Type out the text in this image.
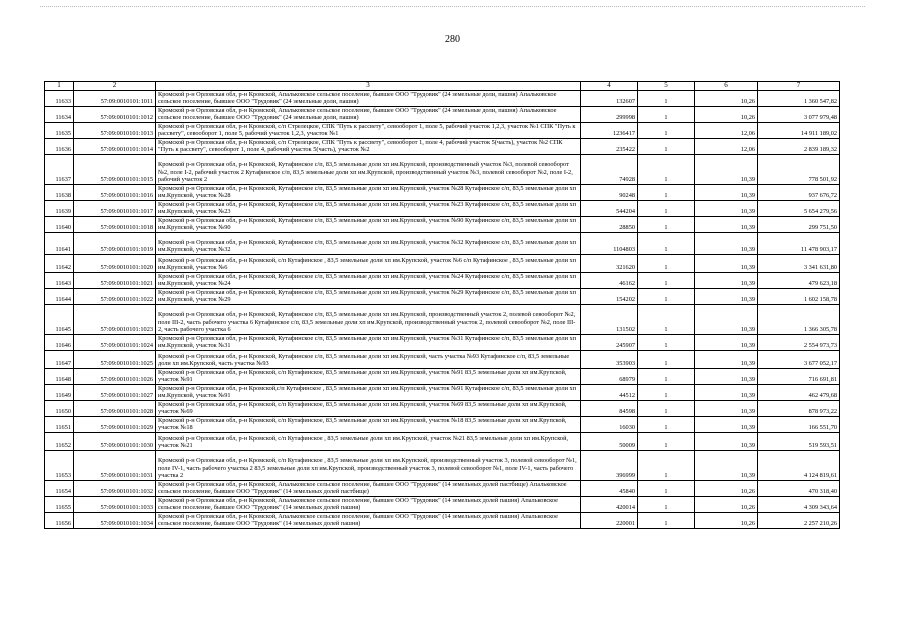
280
1	2	3	4	5	6	7
11633	57:09:0010101:1011	Кромской р-н Орловская обл, р-н Кромской, Апальковское сельское поселение, бывшее ООО "Трудовик" (24 земельные доли, пашня) Апальковское сельское поселение, бывшее ООО "Трудовик" (24 земельные доли, пашня)	132607	1	10,26	1 360 547,82
11634	57:09:0010101:1012	Кромской р-н Орловская обл, р-н Кромской, Апальковское сельское поселение, бывшее ООО "Трудовик" (24 земельные доли, пашня) Апальковское сельское поселение, бывшее ООО "Трудовик" (24 земельные доли, пашня)	299998	1	10,26	3 077 979,48
11635	57:09:0010101:1013	Кромской р-н Орловская обл, р-н Кромской, с/п Стрелецкое, СПК "Путь к рассвету", севооборот 1, поле 5, рабочий участок 1,2,3, участок №1 СПК "Путь к рассвету", севооборот 1, поле 5, рабочий участок 1,2,3, участок №1	1236417	1	12,06	14 911 189,02
11636	57:09:0010101:1014	Кромской р-н Орловская обл, р-н Кромской, с/п Стрелецкое, СПК "Путь к рассвету", севооборот 1, поле 4, рабочий участок 5(часть), участок №2 СПК "Путь к рассвету", севооборот 1, поле 4, рабочий участок 5(часть), участок №2	235422	1	12,06	2 839 189,32
11637	57:09:0010101:1015	Кромской р-н Орловская обл, р-н Кромской, Кутафинское с/п, 83,5 земельные доли хп им.Крупской, производственный участок №3, полевой севооборот №2, поле I-2, рабочий участок 2 Кутафинское с/п, 83,5 земельные доли хп им.Крупской, производственный участок №3, полевой севооборот №2, поле I-2, рабочий участок 2	74928	1	10,39	778 501,92
11638	57:09:0010101:1016	Кромской р-н Орловская обл, р-н Кромской, Кутафинское с/п, 83,5 земельные доли хп им.Крупской, участок №28 Кутафинское с/п, 83,5 земельные доли хп им.Крупской, участок №28	90248	1	10,39	937 676,72
11639	57:09:0010101:1017	Кромской р-н Орловская обл, р-н Кромской, Кутафинское с/п, 83,5 земельные доли хп им.Крупской, участок №23 Кутафинское с/п, 83,5 земельные доли хп им.Крупской, участок №23	544204	1	10,39	5 654 279,56
11640	57:09:0010101:1018	Кромской р-н Орловская обл, р-н Кромской, Кутафинское с/п, 83,5 земельные доли хп им.Крупской, участок №90 Кутафинское с/п, 83,5 земельные доли хп им.Крупской, участок №90	28850	1	10,39	299 751,50
11641	57:09:0010101:1019	Кромской р-н Орловская обл, р-н Кромской, Кутафинское с/п, 83,5 земельные доли хп им.Крупской, участок №32 Кутафинское с/п, 83,5 земельные доли хп им.Крупской, участок №32	1104803	1	10,39	11 478 903,17
11642	57:09:0010101:1020	Кромской р-н Орловская обл, р-н Кромской, с/п Кутафинское , 83,5 земельные доли хп им.Крупской, участок №6 с/п Кутафинское , 83,5 земельные доли хп им.Крупской, участок №6	321620	1	10,39	3 341 631,80
11643	57:09:0010101:1021	Кромской р-н Орловская обл, р-н Кромской, Кутафинское с/п, 83,5 земельные доли хп им.Крупской, участок №24 Кутафинское с/п, 83,5 земельные доли хп им.Крупской, участок №24	46162	1	10,39	479 623,18
11644	57:09:0010101:1022	Кромской р-н Орловская обл, р-н Кромской, Кутафинское с/п, 83,5 земельные доли хп им.Крупской, участок №29 Кутафинское с/п, 83,5 земельные доли хп им.Крупской, участок №29	154202	1	10,39	1 602 158,78
11645	57:09:0010101:1023	Кромской р-н Орловская обл, р-н Кромской, Кутафинское с/п, 83,5 земельные доли хп им.Крупской, производственный участок 2, полевой севооборот №2, поле III-2, часть рабочего участка 6 Кутафинское с/п, 83,5 земельные доли хп им.Крупской, производственный участок 2, полевой севооборот №2, поле III-2, часть рабочего участка 6	131502	1	10,39	1 366 305,78
11646	57:09:0010101:1024	Кромской р-н Орловская обл, р-н Кромской, Кутафинское с/п, 83,5 земельные доли хп им.Крупской, участок №31 Кутафинское с/п, 83,5 земельные доли хп им.Крупской, участок №31	245907	1	10,39	2 554 973,73
11647	57:09:0010101:1025	Кромской р-н Орловская обл, р-н Кромской, Кутафинское с/п, 83,5 земельные доли хп им.Крупской, часть участка №93 Кутафинское с/п, 83,5 земельные доли хп им.Крупской, часть участка №93	353903	1	10,39	3 677 052,17
11648	57:09:0010101:1026	Кромской р-н Орловская обл, р-н Кромской, с/п Кутафинское, 83,5 земельные доли хп им.Крупской, участок №91 83,5 земельные доли хп им.Крупской, участок №91	68979	1	10,39	716 691,81
11649	57:09:0010101:1027	Кромской р-н Орловская обл, р-н Кромской,с/п Кутафинское , 83,5 земельные доли хп им.Крупской, участок №91 Кутафинское с/п, 83,5 земельные доли хп им.Крупской, участок №91	44512	1	10,39	462 479,68
11650	57:09:0010101:1028	Кромской р-н Орловская обл, р-н Кромской, с/п Кутафинское, 83,5 земельные доли хп им.Крупской, участок №69 83,5 земельные доли хп им.Крупской, участок №69	84598	1	10,39	878 973,22
11651	57:09:0010101:1029	Кромской р-н Орловская обл, р-н Кромской, с/п Кутафинское, 83,5 земельные доли хп им.Крупской, участок №18 83,5 земельные доли хп им.Крупской, участок №18	16030	1	10,39	166 551,70
11652	57:09:0010101:1030	Кромской р-н Орловская обл, р-н Кромской, с/п Кутафинское , 83,5 земельные доли хп им.Крупской, участок №21 83,5 земельные доли хп им.Крупской, участок №21	50009	1	10,39	519 593,51
11653	57:09:0010101:1031	Кромской р-н Орловская обл, р-н Кромской, с/п Кутафинское , 83,5 земельные доли хп им.Крупской, производственный участок 3, полевой севооборот №1, поле IV-1, часть рабочего участка 2 83,5 земельные доли хп им.Крупской, производственный участок 3, полевой севооборот №1, поле IV-1, часть рабочего участка 2	396999	1	10,39	4 124 819,61
11654	57:09:0010101:1032	Кромской р-н Орловская обл, р-н Кромской, Апальковское сельское поселение, бывшее ООО "Трудовик" (14 земельных долей пастбище) Апальковское сельское поселение, бывшее ООО "Трудовик" (14 земельных долей пастбище)	45840	1	10,26	470 318,40
11655	57:09:0010101:1033	Кромской р-н Орловская обл, р-н Кромской, Апальковское сельское поселение, бывшее ООО "Трудовик" (14 земельных долей пашня) Апальковское сельское поселение, бывшее ООО "Трудовик" (14 земельных долей пашня)	420014	1	10,26	4 309 343,64
11656	57:09:0010101:1034	Кромской р-н Орловская обл, р-н Кромской, Апальковское сельское поселение, бывшее ООО "Трудовик" (14 земельных долей пашня) Апальковское сельское поселение, бывшее ООО "Трудовик" (14 земельных долей пашня)	220001	1	10,26	2 257 210,26
